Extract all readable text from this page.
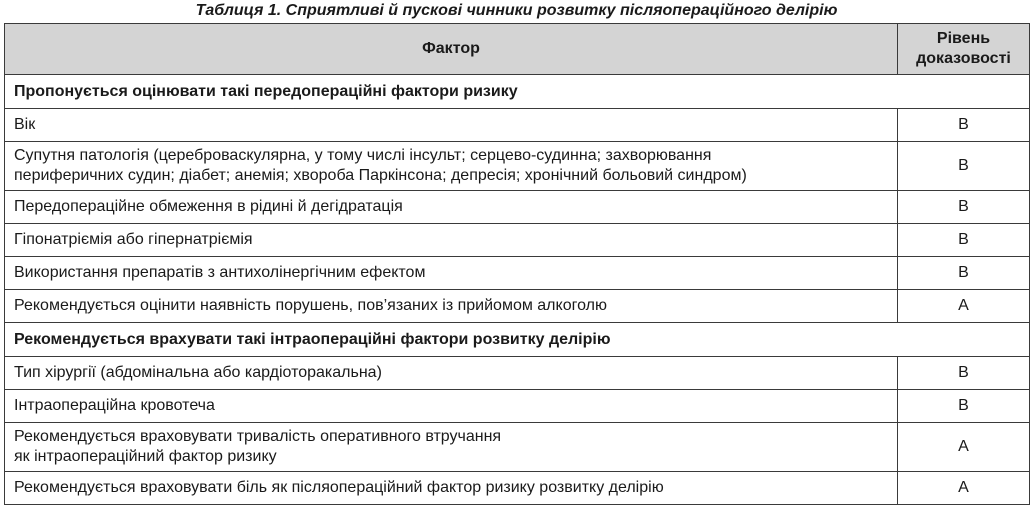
Таблиця 1. Сприятливі й пускові чинники розвитку післяопераційного делірію
Фактор	Рівень
доказовості
Пропонується оцінювати такі передопераційні фактори ризику	
Вік	B
Супутня патологія (цереброваскулярна, у тому числі інсульт; серцево-судинна; захворювання
периферичних судин; діабет; анемія; хвороба Паркінсона; депресія; хронічний больовий синдром)	B
Передопераційне обмеження в рідині й дегідратація	B
Гіпонатріємія або гіпернатріємія	B
Використання препаратів з антихолінергічним ефектом	B
Рекомендується оцінити наявність порушень, пов’язаних із прийомом алкоголю	A
Рекомендується врахувати такі інтраопераційні фактори розвитку делірію	
Тип хірургії (абдомінальна або кардіоторакальна)	B
Інтраопераційна кровотеча	B
Рекомендується враховувати тривалість оперативного втручання
як інтраопераційний фактор ризику	A
Рекомендується враховувати біль як післяопераційний фактор ризику розвитку делірію	A
